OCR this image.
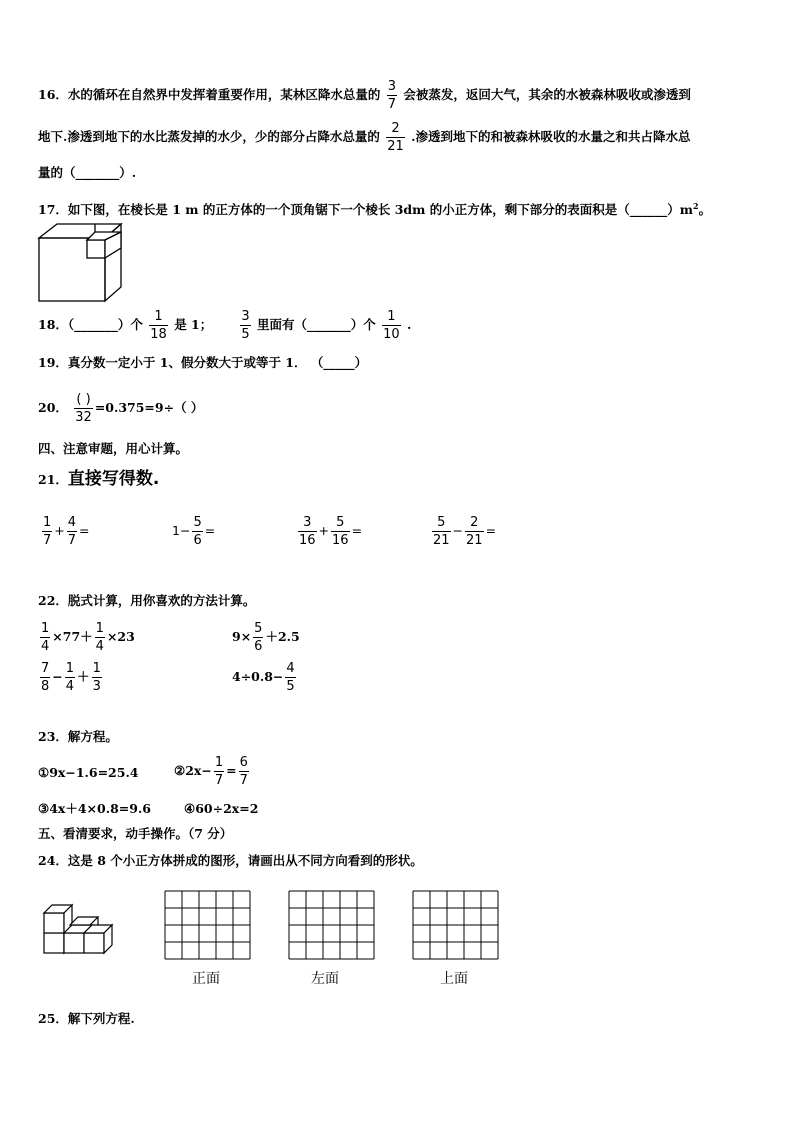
16．水的循环在自然界中发挥着重要作用，某林区降水总量的 $\frac{3}{7}$ 会被蒸发，返回大气，其余的水被森林吸收或渗透到
地下.渗透到地下的水比蒸发掉的水少，少的部分占降水总量的 $\frac{2}{21}$ .渗透到地下的和被森林吸收的水量之和共占降水总
量的（_______）.
17．如下图，在棱长是 1 m 的正方体的一个顶角锯下一个棱长 3dm 的小正方体，剩下部分的表面积是$(\_\_\_\_\_\_)m^2$。
18．（_______）个 $\frac{1}{18}$ 是 1； $\frac{3}{5}$ 里面有（_______）个 $\frac{1}{10}$ .
19．真分数一定小于 1、假分数大于或等于 1． （_____）
20． $\frac{( )}{32} =0.375=9\div$（ ）
四、注意审题，用心计算。
21．直接写得数.
$\frac{1}{7} + \frac{4}{7}$ =	$1- \frac{5}{6}$ =	$\frac{3}{16} + \frac{5}{16}$ =	$\frac{5}{21} - \frac{2}{21}$ =
22．脱式计算，用你喜欢的方法计算。
$\frac{1}{4} \times 77+ \frac{1}{4} \times 23$	$9\times \frac{5}{6} +2.5$
$\frac{7}{8} - \frac{1}{4} + \frac{1}{3}$	$4\div 0.8- \frac{4}{5}$
23．解方程。
①9x−1.6=25.4	②2x− $\frac{1}{7} = \frac{6}{7}$
③4x＋4×0.8=9.6	④60÷2x=2
五、看清要求，动手操作。（7 分）
24．这是 8 个小正方体拼成的图形，请画出从不同方向看到的形状。
正面	左面	上面
25．解下列方程.
